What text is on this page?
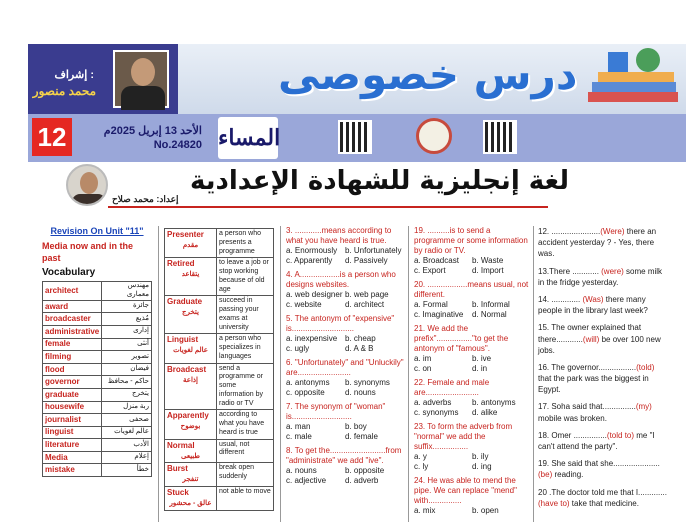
إشراف :
محمد منصور	درس خصوصى
12	الأحد 13 إبريل 2025م
No.24820 المساء
لغة إنجليزية للشهادة الإعدادية
إعداد: محمد صلاح
Revision On Unit "11"
Media now and in the past
Vocabulary
architect	مهندس معمارى
award	جائزة
broadcaster	مُذيع
administrative	إدارى
female	أنثى
filming	تصوير
flood	فيضان
governor	حاكم - محافظ
graduate	يتخرج
housewife	ربة منزل
journalist	صحفى
linguist	عالم لغويات
literature	الأدب
Media	إعلام
mistake	خطأ
Presenter
مقدم	a person who presents a programme
Retired
يتقاعد	to leave a job or stop working because of old age
Graduate
يتخرج	succeed in passing your exams at university
Linguist
عالم لغويات	a person who specializes in languages
Broadcast
إذاعة	send a programme or some information by radio or TV
Apparently
بوضوح	according to what you have heard is true
Normal
طبيعى	usual, not different
Burst
تنفجر	break open suddenly
Stuck
عالق - محشور	not able to move
3. ............means according to what you have heard is true.
a. Enormously b. Unfortunately
c. Apparently	d. Passively
4. A..................is a person who designs websites.
a. web designer b. web page
c. website	d. architect
5. The antonym of "expensive" is............................
a. inexpensive b. cheap
c. ugly	d. A & B
6. "Unfortunately" and "Unluckily" are........................
a. antonyms	b. synonyms
c. opposite	d. nouns
7. The synonym of "woman" is...........................
a. man	b. boy
c. male	d. female
8. To get the.........................from "administrate" we add "ive".
a. nouns	b. opposite
c. adjective	d. adverb
19. ..........is to send a programme or some information by radio or TV.
a. Broadcast	b. Waste
c. Export	d. Import
20. ..................means usual, not different.
a. Formal	b. Informal
c. Imaginative	d. Normal
21. We add the prefix"................"to get the antonym of "famous".
a. im	b. ive
c. on	d. in
22. Female and male are........................
a. adverbs	b. antonyms
c. synonyms	d. alike
23. To form the adverb from "normal" we add the suffix................
a. y	b. ily
c. ly	d. ing
24. He was able to mend the pipe. We can replace "mend" with...............
a. mix	b. open
12. ......................(Were) there an accident yesterday ? - Yes, there was.
13.There ............ (were) some milk in the fridge yesterday.
14. ............. (Was) there many people in the library last week?
15. The owner explained that there............(will) be over 100 new jobs.
16. The governor.................(told) that the park was the biggest in Egypt.
17. Soha said that...............(my) mobile was broken.
18. Omer ...............(told to) me "I can't attend the party".
19. She said that she.....................(be) reading.
20 .The doctor told me that I............. (have to) take that medicine.
